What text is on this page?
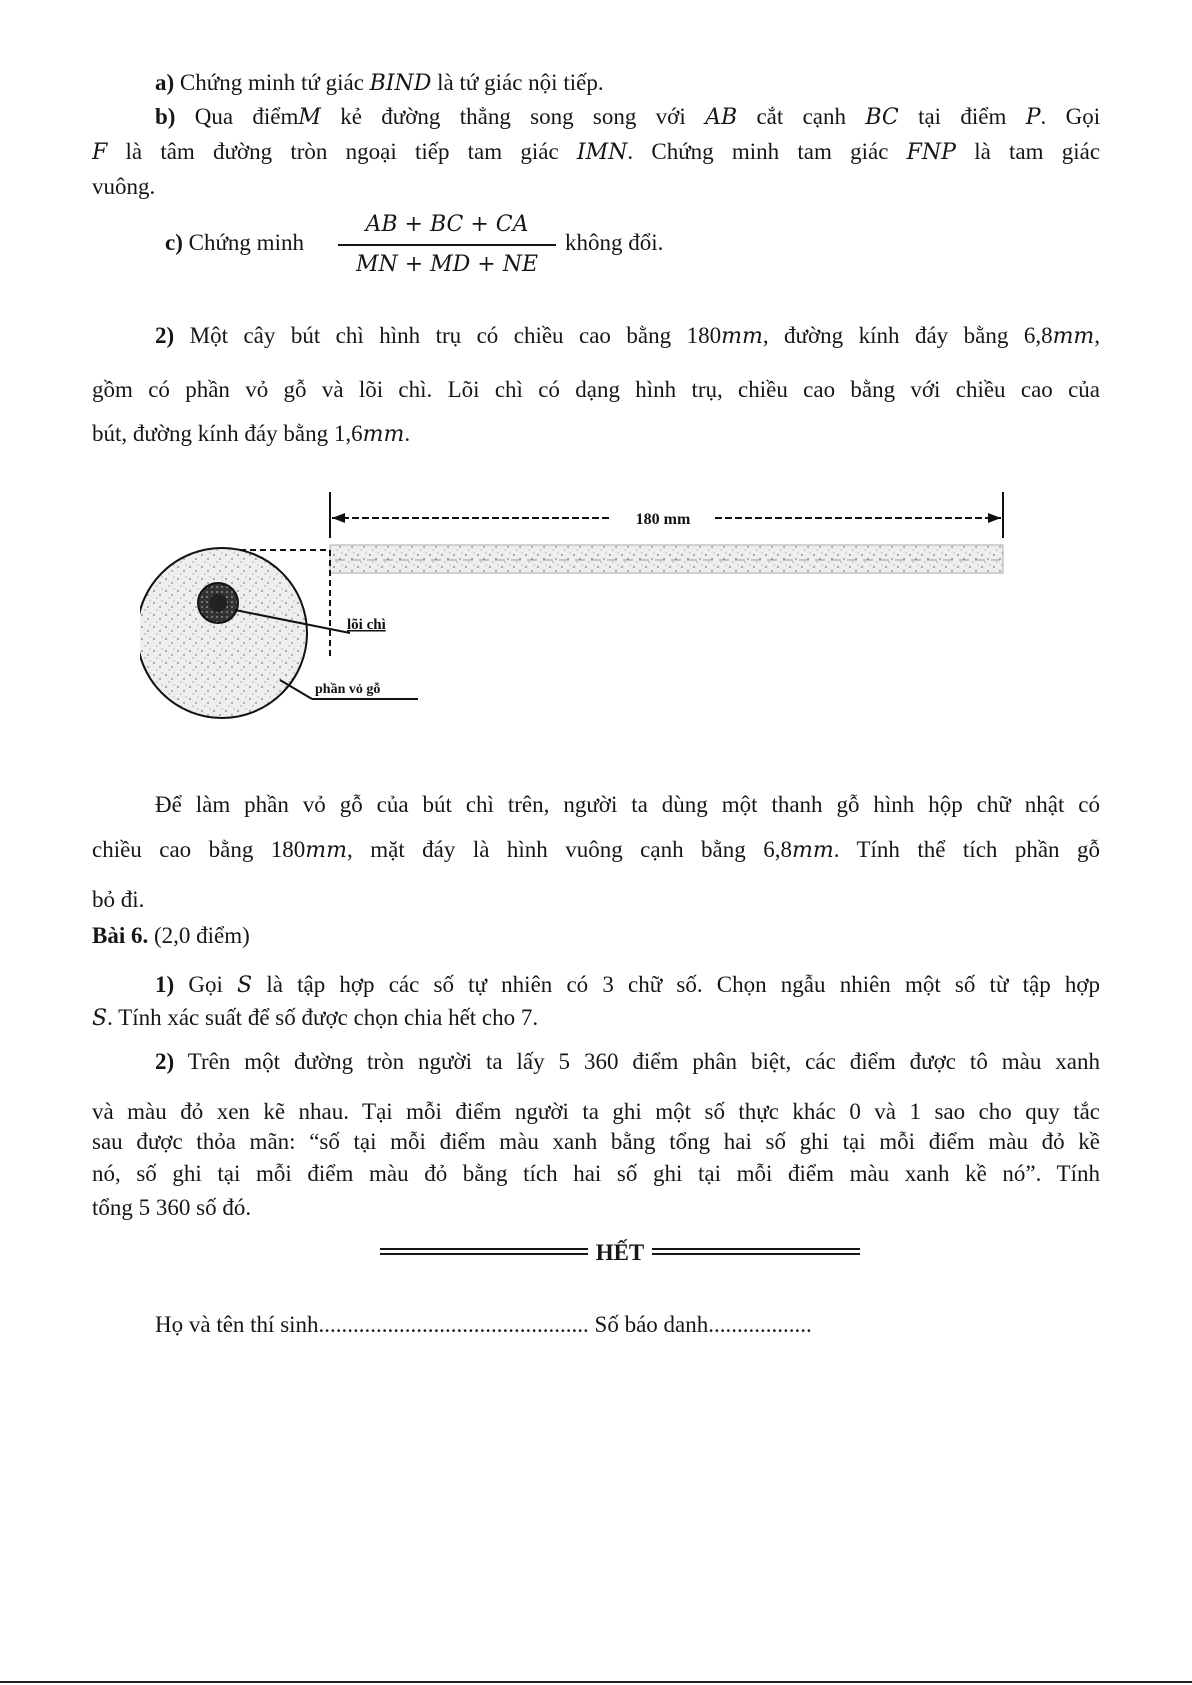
a) Chứng minh tứ giác BIND là tứ giác nội tiếp.
b) Qua điểmM kẻ đường thẳng song song với AB cắt cạnh BC tại điểm P. Gọi
F là tâm đường tròn ngoại tiếp tam giác IMN. Chứng minh tam giác FNP là tam giác
vuông.
c) Chứng minh $\frac{AB + BC + CA}{MN + MD + NE}$ không đổi.
2) Một cây bút chì hình trụ có chiều cao bằng 180mm, đường kính đáy bằng 6,8mm,
gồm có phần vỏ gỗ và lõi chì. Lõi chì có dạng hình trụ, chiều cao bằng với chiều cao của
bút, đường kính đáy bằng 1,6mm.
180 mm
lõi chì
phần vỏ gỗ
Để làm phần vỏ gỗ của bút chì trên, người ta dùng một thanh gỗ hình hộp chữ nhật có
chiều cao bằng 180mm, mặt đáy là hình vuông cạnh bằng 6,8mm. Tính thể tích phần gỗ
bỏ đi.
Bài 6. (2,0 điểm)
1) Gọi S là tập hợp các số tự nhiên có 3 chữ số. Chọn ngẫu nhiên một số từ tập hợp
S. Tính xác suất để số được chọn chia hết cho 7.
2) Trên một đường tròn người ta lấy 5 360 điểm phân biệt, các điểm được tô màu xanh
và màu đỏ xen kẽ nhau. Tại mỗi điểm người ta ghi một số thực khác 0 và 1 sao cho quy tắc
sau được thỏa mãn: “số tại mỗi điểm màu xanh bằng tổng hai số ghi tại mỗi điểm màu đỏ kề
nó, số ghi tại mỗi điểm màu đỏ bằng tích hai số ghi tại mỗi điểm màu xanh kề nó”. Tính
tổng 5 360 số đó.
HẾT
Họ và tên thí sinh............................................... Số báo danh..................
